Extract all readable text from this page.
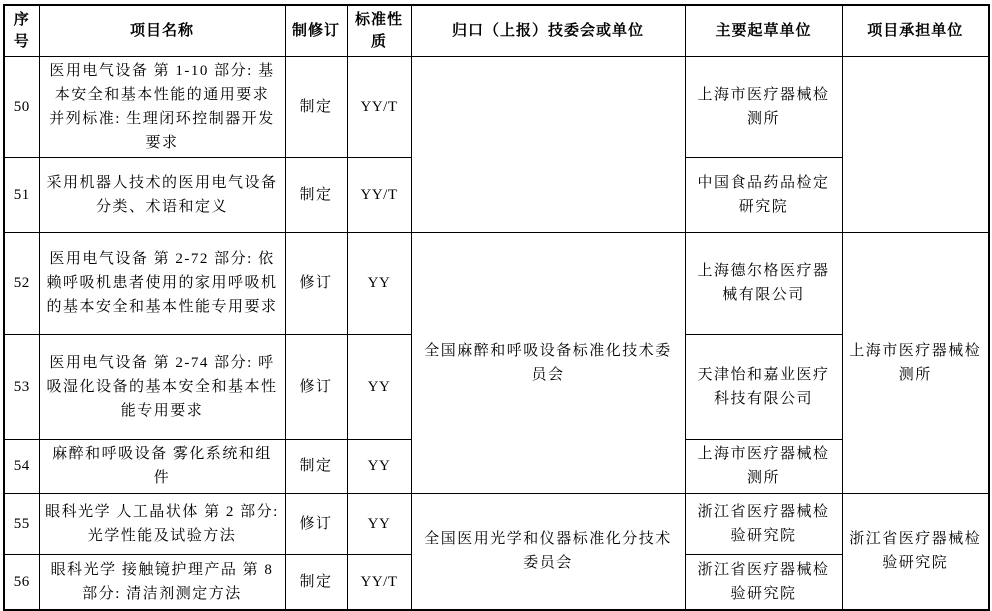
序号	项目名称	制修订	标准性质	归口（上报）技委会或单位	主要起草单位	项目承担单位
50	医用电气设备 第 1-10 部分: 基本安全和基本性能的通用要求 并列标准: 生理闭环控制器开发要求	制定	YY/T		上海市医疗器械检测所	
51	采用机器人技术的医用电气设备分类、术语和定义	制定	YY/T		中国食品药品检定研究院	
52	医用电气设备 第 2-72 部分: 依赖呼吸机患者使用的家用呼吸机的基本安全和基本性能专用要求	修订	YY	全国麻醉和呼吸设备标准化技术委员会	上海德尔格医疗器械有限公司	上海市医疗器械检测所
53	医用电气设备 第 2-74 部分: 呼吸湿化设备的基本安全和基本性能专用要求	修订	YY		天津怡和嘉业医疗科技有限公司	
54	麻醉和呼吸设备 雾化系统和组件	制定	YY		上海市医疗器械检测所	
55	眼科光学 人工晶状体 第 2 部分: 光学性能及试验方法	修订	YY	全国医用光学和仪器标准化分技术委员会	浙江省医疗器械检验研究院	浙江省医疗器械检验研究院
56	眼科光学 接触镜护理产品 第 8 部分: 清洁剂测定方法	制定	YY/T		浙江省医疗器械检验研究院	
